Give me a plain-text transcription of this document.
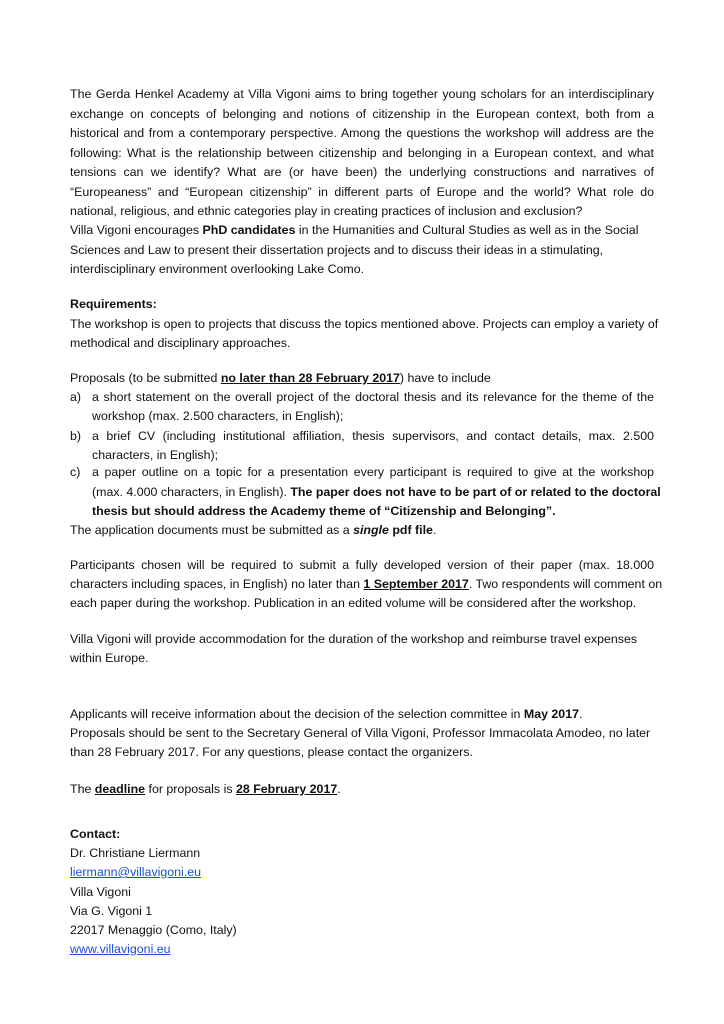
The Gerda Henkel Academy at Villa Vigoni aims to bring together young scholars for an interdisciplinary
exchange on concepts of belonging and notions of citizenship in the European context, both from a
historical and from a contemporary perspective. Among the questions the workshop will address are the
following: What is the relationship between citizenship and belonging in a European context, and what
tensions can we identify? What are (or have been) the underlying constructions and narratives of
“Europeaness” and “European citizenship” in different parts of Europe and the world? What role do
national, religious, and ethnic categories play in creating practices of inclusion and exclusion?
Villa Vigoni encourages PhD candidates in the Humanities and Cultural Studies as well as in the Social
Sciences and Law to present their dissertation projects and to discuss their ideas in a stimulating,
interdisciplinary environment overlooking Lake Como.
Requirements:
The workshop is open to projects that discuss the topics mentioned above. Projects can employ a variety of
methodical and disciplinary approaches.
Proposals (to be submitted no later than 28 February 2017) have to include
a) a short statement on the overall project of the doctoral thesis and its relevance for the theme of the
workshop (max. 2.500 characters, in English);
b) a brief CV (including institutional affiliation, thesis supervisors, and contact details, max. 2.500
characters, in English);
c) a paper outline on a topic for a presentation every participant is required to give at the workshop
(max. 4.000 characters, in English). The paper does not have to be part of or related to the doctoral
thesis but should address the Academy theme of “Citizenship and Belonging”.
The application documents must be submitted as a single pdf file.
Participants chosen will be required to submit a fully developed version of their paper (max. 18.000
characters including spaces, in English) no later than 1 September 2017. Two respondents will comment on
each paper during the workshop. Publication in an edited volume will be considered after the workshop.
Villa Vigoni will provide accommodation for the duration of the workshop and reimburse travel expenses
within Europe.
Applicants will receive information about the decision of the selection committee in May 2017.
Proposals should be sent to the Secretary General of Villa Vigoni, Professor Immacolata Amodeo, no later
than 28 February 2017. For any questions, please contact the organizers.
The deadline for proposals is 28 February 2017.
Contact:
Dr. Christiane Liermann
liermann@villavigoni.eu
Villa Vigoni
Via G. Vigoni 1
22017 Menaggio (Como, Italy)
www.villavigoni.eu
